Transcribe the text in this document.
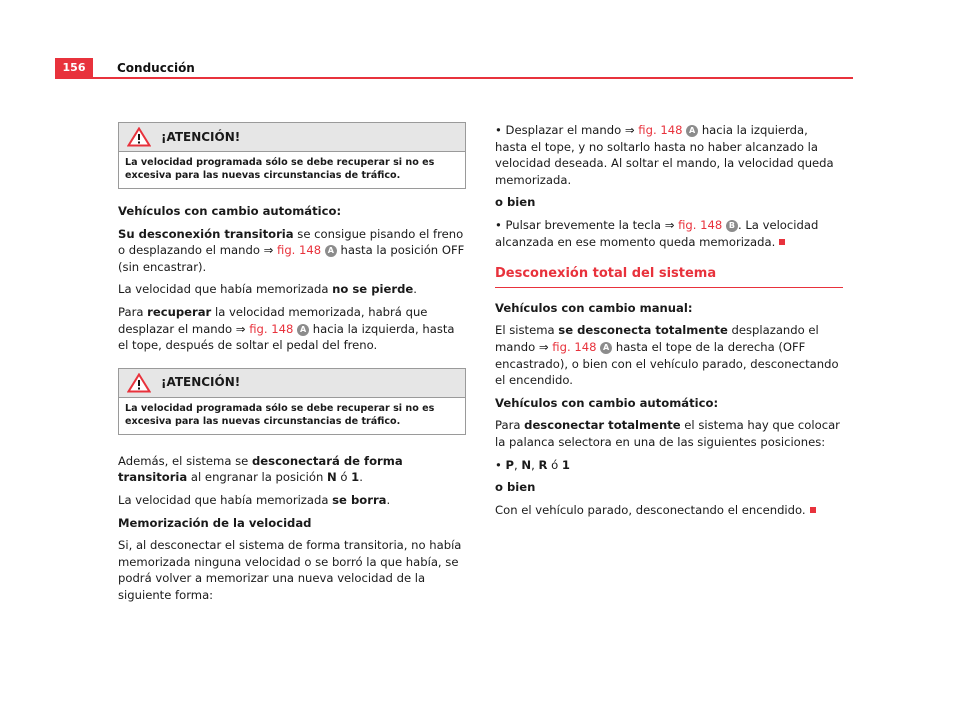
156	Conducción
¡ATENCIÓN!
La velocidad programada sólo se debe recuperar si no es excesiva para las nuevas circunstancias de tráfico.

Vehículos con cambio automático:

Su desconexión transitoria se consigue pisando el freno o desplazando el mando ⇒ fig. 148 A hasta la posición OFF (sin encastrar).

La velocidad que había memorizada no se pierde.

Para recuperar la velocidad memorizada, habrá que desplazar el mando ⇒ fig. 148 A hacia la izquierda, hasta el tope, después de soltar el pedal del freno.

¡ATENCIÓN!
La velocidad programada sólo se debe recuperar si no es excesiva para las nuevas circunstancias de tráfico.

Además, el sistema se desconectará de forma transitoria al engranar la posición N ó 1.

La velocidad que había memorizada se borra.

Memorización de la velocidad

Si, al desconectar el sistema de forma transitoria, no había memorizada ninguna velocidad o se borró la que había, se podrá volver a memorizar una nueva velocidad de la siguiente forma:

• Desplazar el mando ⇒ fig. 148 A hacia la izquierda, hasta el tope, y no soltarlo hasta no haber alcanzado la velocidad deseada. Al soltar el mando, la velocidad queda memorizada.

o bien

• Pulsar brevemente la tecla ⇒ fig. 148 B . La velocidad alcanzada en ese momento queda memorizada.

Desconexión total del sistema

Vehículos con cambio manual:

El sistema se desconecta totalmente desplazando el mando ⇒ fig. 148 A hasta el tope de la derecha (OFF encastrado), o bien con el vehículo parado, desconectando el encendido.

Vehículos con cambio automático:

Para desconectar totalmente el sistema hay que colocar la palanca selectora en una de las siguientes posiciones:

• P, N, R ó 1

o bien

Con el vehículo parado, desconectando el encendido.
